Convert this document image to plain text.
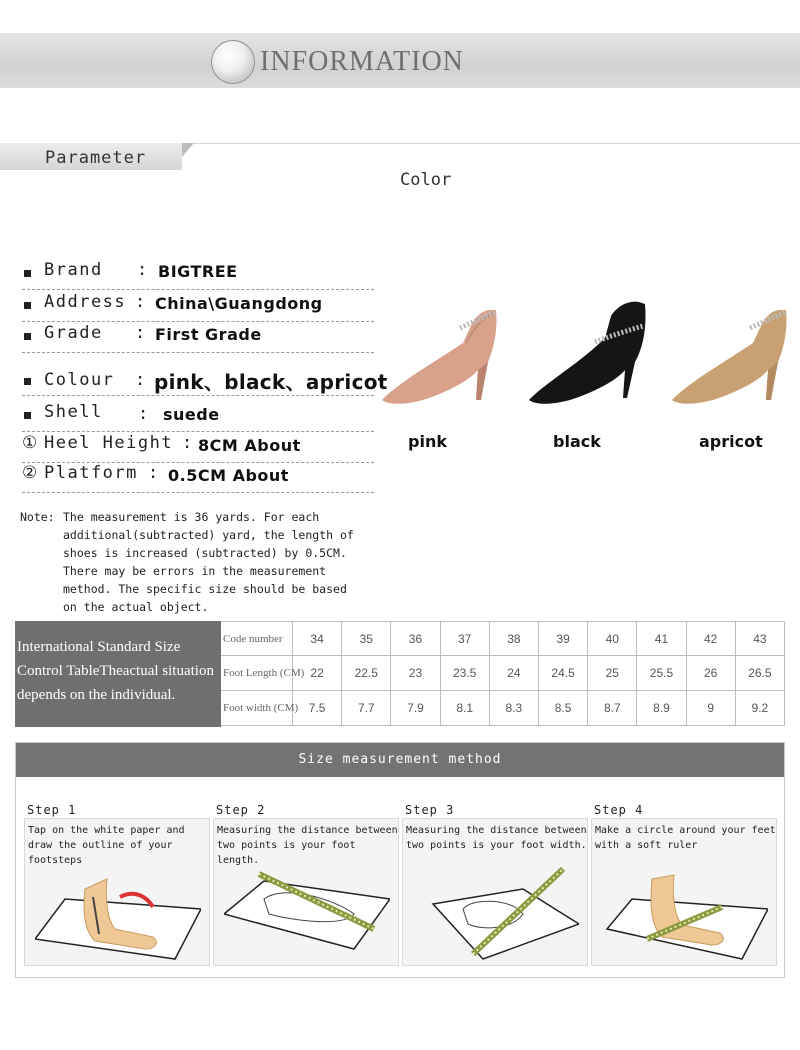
INFORMATION
Parameter
Color
Brand : BIGTREE
Address : China\Guangdong
Grade : First Grade
Colour : pink、black、apricot
Shell : suede
① Heel Height : 8CM About
② Platform : 0.5CM About
pink	black	apricot
Note: The measurement is 36 yards. For each additional(subtracted) yard, the length of shoes is increased (subtracted) by 0.5CM. There may be errors in the measurement method. The specific size should be based on the actual object.
International Standard Size Control TableTheactual situation depends on the individual.
Code number	34	35	36	37	38	39	40	41	42	43
Foot Length (CM) 22	22.5	23	23.5	24	24.5	25	25.5	26	26.5
Foot width (CM) 7.5	7.7	7.9	8.1	8.3	8.5	8.7	8.9	9	9.2
Size measurement method
Step 1	Step 2	Step 3	Step 4
Tap on the white paper and draw the outline of your footsteps
Measuring the distance between two points is your foot length.
Measuring the distance between two points is your foot width.
Make a circle around your feet with a soft ruler
